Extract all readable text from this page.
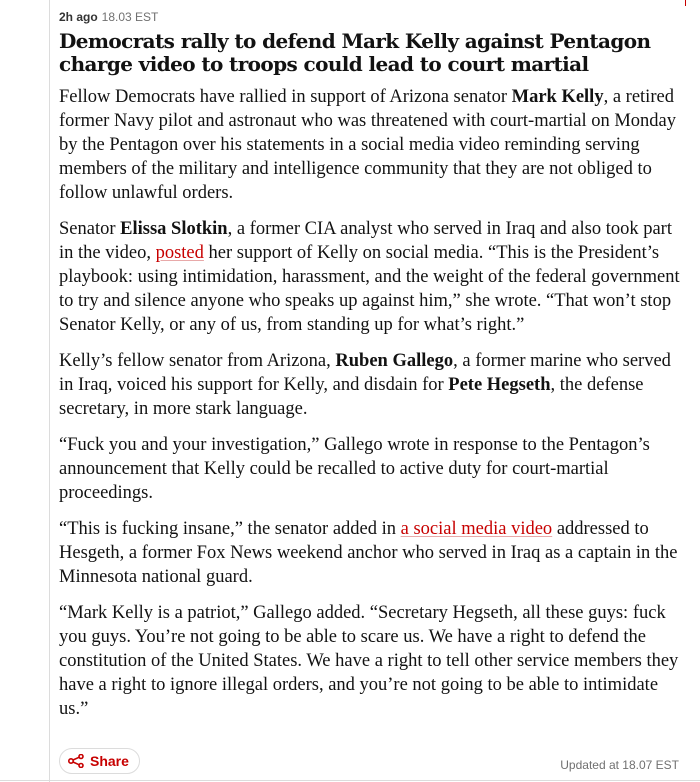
2h ago 18.03 EST
Democrats rally to defend Mark Kelly against Pentagon charge video to troops could lead to court martial

Fellow Democrats have rallied in support of Arizona senator Mark Kelly, a retired former Navy pilot and astronaut who was threatened with court-martial on Monday by the Pentagon over his statements in a social media video reminding serving members of the military and intelligence community that they are not obliged to follow unlawful orders.

Senator Elissa Slotkin, a former CIA analyst who served in Iraq and also took part in the video, posted her support of Kelly on social media. “This is the President’s playbook: using intimidation, harassment, and the weight of the federal government to try and silence anyone who speaks up against him,” she wrote. “That won’t stop Senator Kelly, or any of us, from standing up for what’s right.”

Kelly’s fellow senator from Arizona, Ruben Gallego, a former marine who served in Iraq, voiced his support for Kelly, and disdain for Pete Hegseth, the defense secretary, in more stark language.

“Fuck you and your investigation,” Gallego wrote in response to the Pentagon’s announcement that Kelly could be recalled to active duty for court-martial proceedings.

“This is fucking insane,” the senator added in a social media video addressed to Hesgeth, a former Fox News weekend anchor who served in Iraq as a captain in the Minnesota national guard.

“Mark Kelly is a patriot,” Gallego added. “Secretary Hegseth, all these guys: fuck you guys. You’re not going to be able to scare us. We have a right to defend the constitution of the United States. We have a right to tell other service members they have a right to ignore illegal orders, and you’re not going to be able to intimidate us.”

Share	Updated at 18.07 EST
